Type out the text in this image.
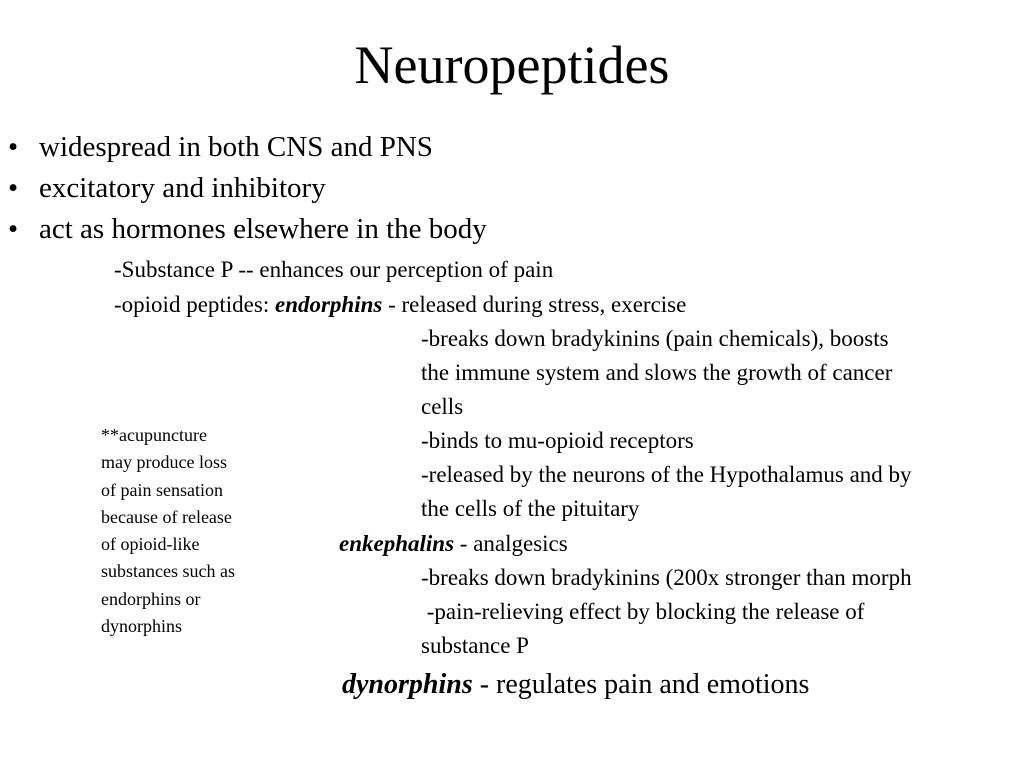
Neuropeptides
• widespread in both CNS and PNS
• excitatory and inhibitory
• act as hormones elsewhere in the body
-Substance P -- enhances our perception of pain
-opioid peptides: endorphins - released during stress, exercise
-breaks down bradykinins (pain chemicals), boosts
the immune system and slows the growth of cancer
cells
-binds to mu-opioid receptors
-released by the neurons of the Hypothalamus and by
the cells of the pituitary
enkephalins - analgesics
-breaks down bradykinins (200x stronger than morph
-pain-relieving effect by blocking the release of
substance P
dynorphins - regulates pain and emotions
**acupuncture
may produce loss
of pain sensation
because of release
of opioid-like
substances such as
endorphins or
dynorphins
